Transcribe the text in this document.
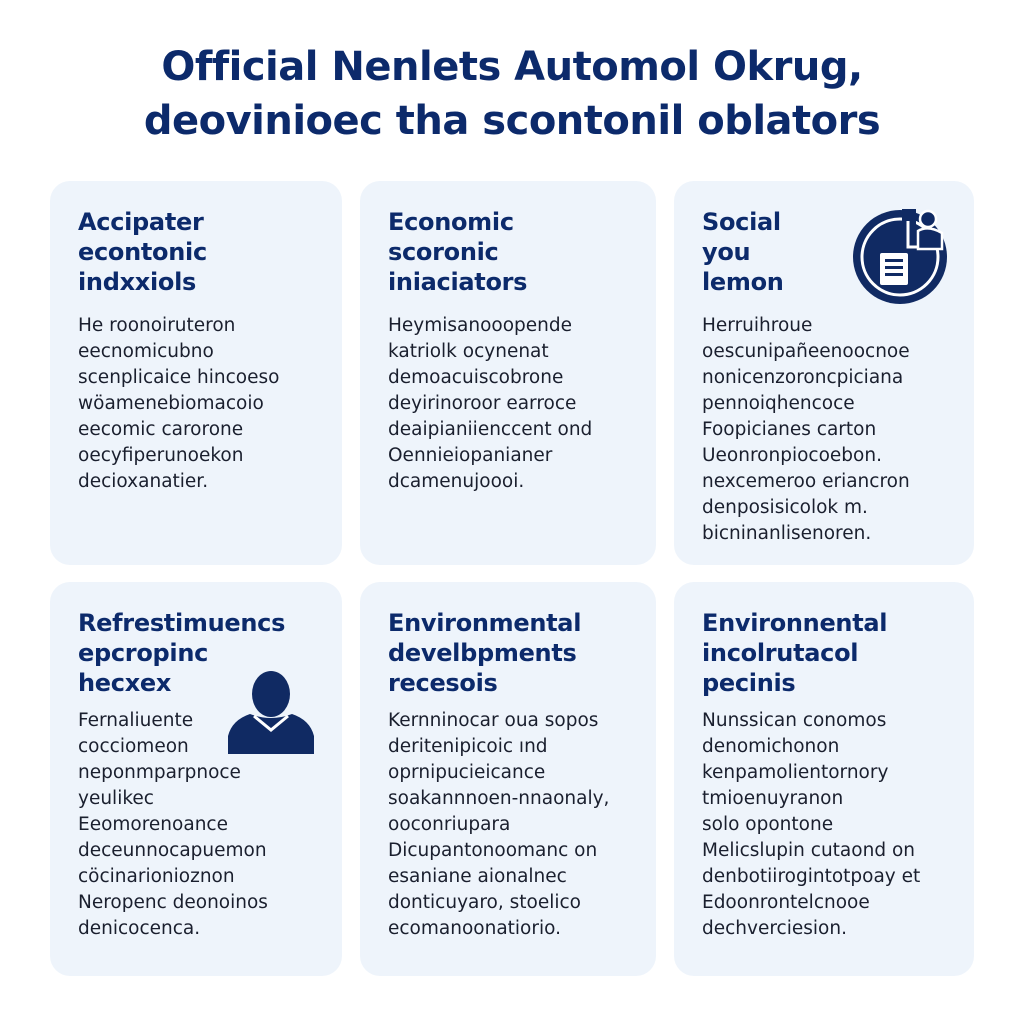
Official Nenlets Automol Okrug,
deovinioec tha scontonil oblators
Accipater
econtonic
indxxiols

He roonoiruteron
eecnomicubno
scenplicaice hincoeso
wöamenebiomacoio
eecomic carorone
oecyfiperunoekon
decioxanatier.

Economic
scoronic
iniaciators

Heymisanooopende
katriolk ocynenat
demoacuiscobrone
deyirinoroor earroce
deaipianiienccent ond
Oennieiopanianer
dcamenujoooi.

Social
you
lemon

Herruihroue
oescunipañeenoocnoe
nonicenzoroncpiciana
pennoiqhencoce
Foopicianes carton
Ueonronpiocoebon.
nexcemeroo eriancron
denposisicolok m.
bicninanlisenoren.

Refrestimuencs
epcropinc
hecxex

Fernaliuente
cocciomeon
neponmparpnoce
yeulikec
Eeomorenoance
deceunnocapuemon
cöcinarionioznon
Neropenc deonoinos
denicocenca.

Environmental
develbpments
recesois

Kernninocar oua sopos
deritenipicoic ınd
oprnipucieicance
soakannnoen-nnaonaly,
ooconriupara
Dicupantonoomanc on
esaniane aionalnec
donticuyaro, stoelico
ecomanoonatiorio.

Environnental
incolrutacol
pecinis

Nunssican conomos
denomichonon
kenpamolientornory
tmioenuyranon
solo opontone
Melicslupin cutaond on
denbotiirogintotpoay et
Edoonrontelcnooe
dechverciesion.
